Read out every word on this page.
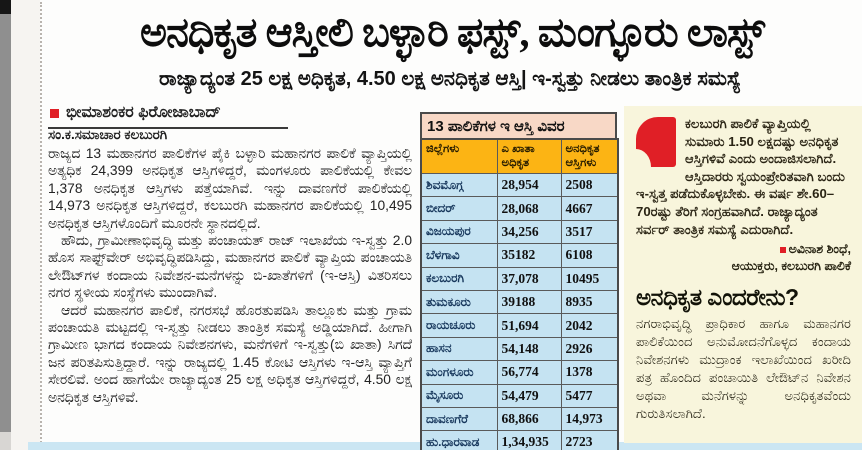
ಅನಧಿಕೃತ ಆಸ್ತೀಲಿ ಬಳ್ಳಾರಿ ಫಸ್ಟ್, ಮಂಗ್ಳೂರು ಲಾಸ್ಟ್
ರಾಜ್ಯಾದ್ಯಂತ 25 ಲಕ್ಷ ಅಧಿಕೃತ, 4.50 ಲಕ್ಷ ಅನಧಿಕೃತ ಆಸ್ತಿ| ಇ-ಸ್ವತ್ತು ನೀಡಲು ತಾಂತ್ರಿಕ ಸಮಸ್ಯೆ
ಭೀಮಾಶಂಕರ ಫಿರೋಜಾಬಾದ್
ಸಂ.ಕ.ಸಮಾಚಾರ ಕಲಬುರಗಿ

ರಾಜ್ಯದ 13 ಮಹಾನಗರ ಪಾಲಿಕೆಗಳ ಪೈಕಿ ಬಳ್ಳಾರಿ ಮಹಾನಗರ ಪಾಲಿಕೆ ವ್ಯಾಪ್ತಿಯಲ್ಲಿ ಅತ್ಯಧಿಕ 24,399 ಅನಧಿಕೃತ ಆಸ್ತಿಗಳಿದ್ದರೆ, ಮಂಗಳೂರು ಪಾಲಿಕೆಯಲ್ಲಿ ಕೇವಲ 1,378 ಅನಧಿಕೃತ ಆಸ್ತಿಗಳು ಪತ್ತೆಯಾಗಿವೆ. ಇನ್ನು ದಾವಣಗೆರೆ ಪಾಲಿಕೆಯಲ್ಲಿ 14,973 ಅನಧಿಕೃತ ಆಸ್ತಿಗಳಿದ್ದರೆ, ಕಲಬುರಗಿ ಮಹಾನಗರ ಪಾಲಿಕೆಯಲ್ಲಿ 10,495 ಅನಧಿಕೃತ ಆಸ್ತಿಗಳೊಂದಿಗೆ ಮೂರನೇ ಸ್ಥಾನದಲ್ಲಿದೆ.

ಹೌದು, ಗ್ರಾಮೀಣಾಭಿವೃದ್ಧಿ ಮತ್ತು ಪಂಚಾಯತ್ ರಾಜ್ ಇಲಾಖೆಯ ಇ-ಸ್ವತ್ತು 2.0 ಹೊಸ ಸಾಫ್ಟ್‌ವೇರ್ ಅಭಿವೃದ್ಧಿಪಡಿಸಿದ್ದು, ಮಹಾನಗರ ಪಾಲಿಕೆ ವ್ಯಾಪ್ತಿಯ ಪಂಚಾಯತಿ ಲೇಔಟ್‌ಗಳ ಕಂದಾಯ ನಿವೇಶನ-ಮನೆಗಳನ್ನು ಬಿ-ಖಾತೆಗಳಿಗೆ (ಇ-ಆಸ್ತಿ) ವಿತರಿಸಲು ನಗರ ಸ್ಥಳೀಯ ಸಂಸ್ಥೆಗಳು ಮುಂದಾಗಿವೆ.

ಆದರೆ ಮಹಾನಗರ ಪಾಲಿಕೆ, ನಗರಸಭೆ ಹೊರತುಪಡಿಸಿ ತಾಲ್ಲೂಕು ಮತ್ತು ಗ್ರಾಮ ಪಂಚಾಯತಿ ಮಟ್ಟದಲ್ಲಿ ಇ-ಸ್ವತ್ತು ನೀಡಲು ತಾಂತ್ರಿಕ ಸಮಸ್ಯೆ ಅಡ್ಡಿಯಾಗಿದೆ. ಹೀಗಾಗಿ ಗ್ರಾಮೀಣ ಭಾಗದ ಕಂದಾಯ ನಿವೇಶನಗಳು, ಮನೆಗಳಿಗೆ ಇ-ಸ್ವತ್ತು(ಬಿ ಖಾತಾ) ಸಿಗದೆ ಜನ ಪರಿತಪಿಸುತ್ತಿದ್ದಾರೆ. ಇನ್ನು ರಾಜ್ಯದಲ್ಲಿ 1.45 ಕೋಟಿ ಆಸ್ತಿಗಳು ಇ-ಆಸ್ತಿ ವ್ಯಾಪ್ತಿಗೆ ಸೇರಲಿವೆ. ಅಂದ ಹಾಗೆಯೇ ರಾಜ್ಯಾದ್ಯಂತ 25 ಲಕ್ಷ ಅಧಿಕೃತ ಆಸ್ತಿಗಳಿದ್ದರೆ, 4.50 ಲಕ್ಷ ಅನಧಿಕೃತ ಆಸ್ತಿಗಳಿವೆ.

13 ಪಾಲಿಕೆಗಳ ಇ ಆಸ್ತಿ ವಿವರ
ಜಿಲ್ಲೆಗಳು	ಎ ಖಾತಾ ಅಧಿಕೃತ	ಅನಧಿಕೃತ ಆಸ್ತಿಗಳು
ಶಿವಮೊಗ್ಗ	28,954	2508
ಬೀದರ್	28,068	4667
ವಿಜಯಪುರ	34,256	3517
ಬೆಳಗಾವಿ	35182	6108
ಕಲಬುರಗಿ	37,078	10495
ತುಮಕೂರು	39188	8935
ರಾಯಚೂರು	51,694	2042
ಹಾಸನ	54,148	2926
ಮಂಗಳೂರು	56,774	1378
ಮೈಸೂರು	54,479	5477
ದಾವಣಗೆರೆ	68,866	14,973
ಹು.ಧಾರವಾಡ	1,34,935	2723

ಕಲಬುರಗಿ ಪಾಲಿಕೆ ವ್ಯಾಪ್ತಿಯಲ್ಲಿ ಸುಮಾರು 1.50 ಲಕ್ಷದಷ್ಟು ಅನಧಿಕೃತ ಆಸ್ತಿಗಳಿವೆ ಎಂದು ಅಂದಾಜಿಸಲಾಗಿದೆ. ಆಸ್ತಿದಾರರು ಸ್ವಯಂಪ್ರೇರಿತವಾಗಿ ಬಂದು ಇ-ಸ್ವತ್ತ ಪಡೆದುಕೊಳ್ಳಬೇಕು. ಈ ವರ್ಷ ಶೇ.60–70ರಷ್ಟು ತೆರಿಗೆ ಸಂಗ್ರಹವಾಗಿದೆ. ರಾಜ್ಯಾದ್ಯಂತ ಸರ್ವರ್ ತಾಂತ್ರಿಕ ಸಮಸ್ಯೆ ಎದುರಾಗಿದೆ.

ಅವಿನಾಶ ಶಿಂಧೆ,
ಆಯುಕ್ತರು, ಕಲಬುರಗಿ ಪಾಲಿಕೆ
ಅನಧಿಕೃತ ಎಂದರೇನು?

ನಗರಾಭಿವೃದ್ಧಿ ಪ್ರಾಧಿಕಾರ ಹಾಗೂ ಮಹಾನಗರ ಪಾಲಿಕೆಯಿಂದ ಅನುಮೋದನೆಗೊಳ್ಳದ ಕಂದಾಯ ನಿವೇಶನಗಳು ಮುದ್ರಾಂಕ ಇಲಾಖೆಯಿಂದ ಖರೀದಿ ಪತ್ರ ಹೊಂದಿದ ಪಂಚಾಯಿತಿ ಲೇಔಟ್‌ನ ನಿವೇಶನ ಅಥವಾ ಮನೆಗಳನ್ನು ಅನಧಿಕೃತವೆಂದು ಗುರುತಿಸಲಾಗಿದೆ.
